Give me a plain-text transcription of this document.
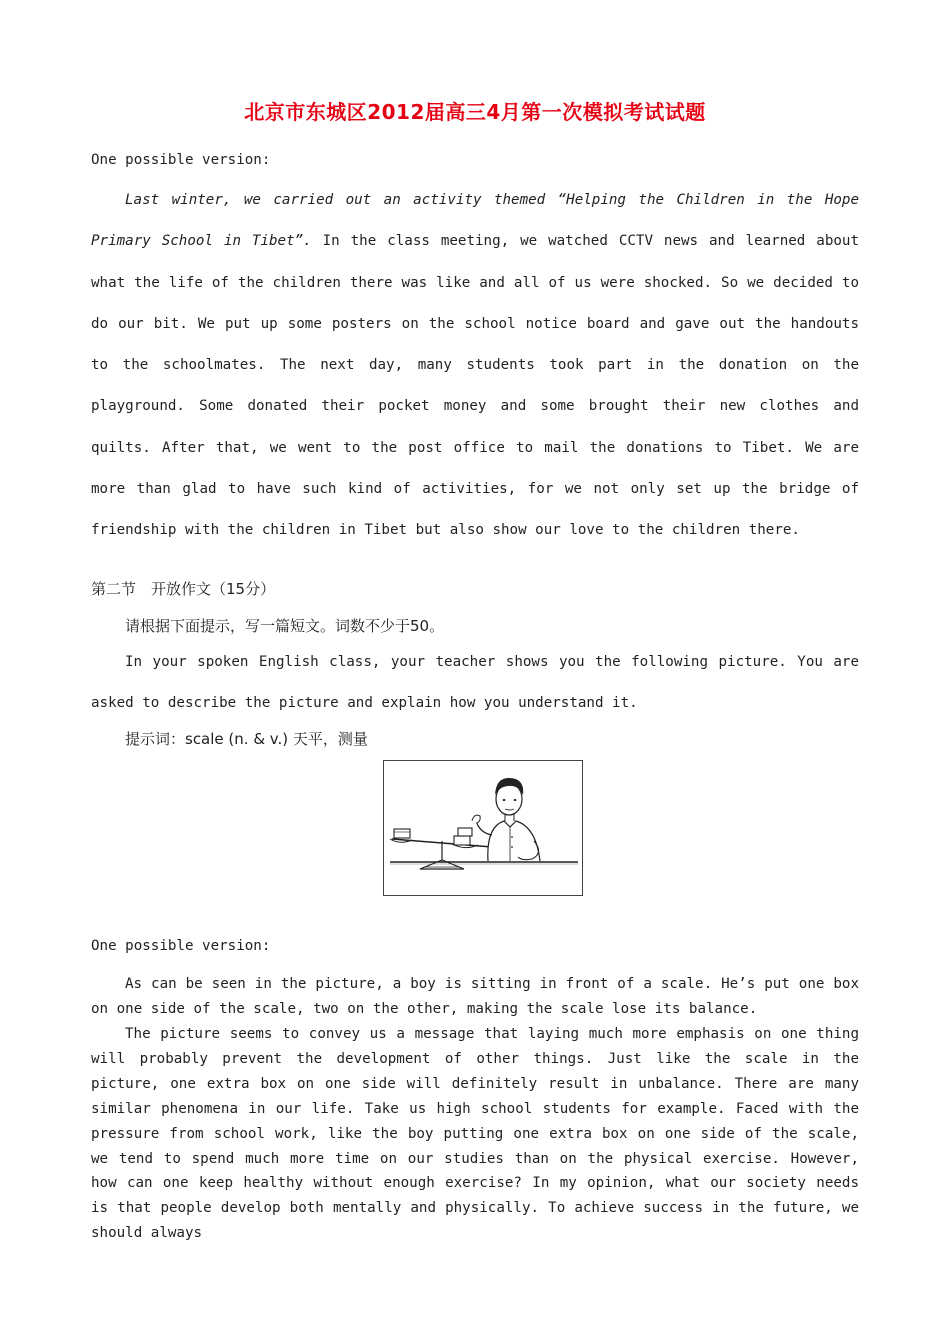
北京市东城区2012届高三4月第一次模拟考试试题
One possible version:

Last winter, we carried out an activity themed “Helping the Children in the Hope Primary School in Tibet”. In the class meeting, we watched CCTV news and learned about what the life of the children there was like and all of us were shocked. So we decided to do our bit. We put up some posters on the school notice board and gave out the handouts to the schoolmates. The next day, many students took part in the donation on the playground. Some donated their pocket money and some brought their new clothes and quilts. After that, we went to the post office to mail the donations to Tibet. We are more than glad to have such kind of activities, for we not only set up the bridge of friendship with the children in Tibet but also show our love to the children there.

第二节　开放作文（15分）
请根据下面提示，写一篇短文。词数不少于50。

In your spoken English class, your teacher shows you the following picture. You are asked to describe the picture and explain how you understand it.

提示词：scale (n. & v.) 天平，测量
One possible version:

As can be seen in the picture, a boy is sitting in front of a scale. He’s put one box on one side of the scale, two on the other, making the scale lose its balance.

The picture seems to convey us a message that laying much more emphasis on one thing will probably prevent the development of other things. Just like the scale in the picture, one extra box on one side will definitely result in unbalance. There are many similar phenomena in our life. Take us high school students for example. Faced with the pressure from school work, like the boy putting one extra box on one side of the scale, we tend to spend much more time on our studies than on the physical exercise. However, how can one keep healthy without enough exercise? In my opinion, what our society needs is that people develop both mentally and physically. To achieve success in the future, we should always
